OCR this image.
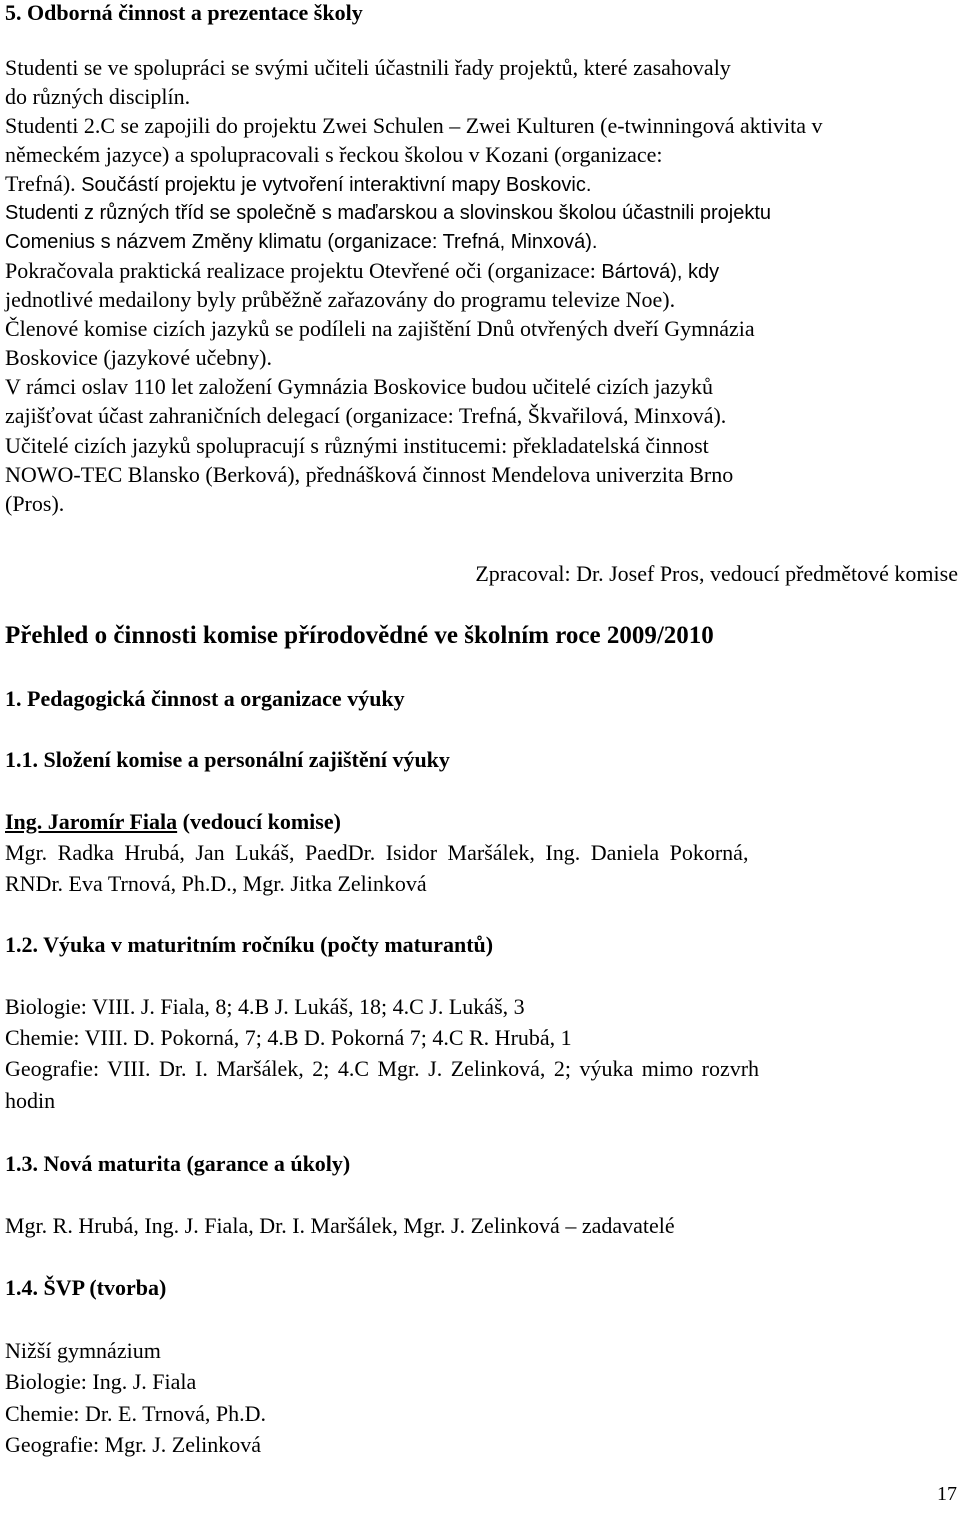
5. Odborná činnost a prezentace školy
Studenti se ve spolupráci se svými učiteli účastnili řady projektů, které zasahovaly
do různých disciplín.
Studenti 2.C se zapojili do projektu Zwei Schulen – Zwei Kulturen (e-twinningová aktivita v
německém jazyce) a spolupracovali s řeckou školou v Kozani (organizace:
Trefná). Součástí projektu je vytvoření interaktivní mapy Boskovic.
Studenti z různých tříd se společně s maďarskou a slovinskou školou účastnili projektu
Comenius s názvem Změny klimatu (organizace: Trefná, Minxová).
Pokračovala praktická realizace projektu Otevřené oči (organizace: Bártová), kdy
jednotlivé medailony byly průběžně zařazovány do programu televize Noe).
Členové komise cizích jazyků se podíleli na zajištění Dnů otvřených dveří Gymnázia
Boskovice (jazykové učebny).
V rámci oslav 110 let založení Gymnázia Boskovice budou učitelé cizích jazyků
zajišťovat účast zahraničních delegací (organizace: Trefná, Škvařilová, Minxová).
Učitelé cizích jazyků spolupracují s různými institucemi: překladatelská činnost
NOWO-TEC Blansko (Berková), přednášková činnost Mendelova univerzita Brno
(Pros).
Zpracoval: Dr. Josef Pros, vedoucí předmětové komise
Přehled o činnosti komise přírodovědné ve školním roce 2009/2010
1. Pedagogická činnost a organizace výuky
1.1. Složení komise a personální zajištění výuky
Ing. Jaromír Fiala (vedoucí komise)
Mgr. Radka Hrubá, Jan Lukáš, PaedDr. Isidor Maršálek, Ing. Daniela Pokorná,
RNDr. Eva Trnová, Ph.D., Mgr. Jitka Zelinková
1.2. Výuka v maturitním ročníku (počty maturantů)
Biologie: VIII. J. Fiala, 8; 4.B J. Lukáš, 18; 4.C J. Lukáš, 3
Chemie: VIII. D. Pokorná, 7; 4.B D. Pokorná 7; 4.C R. Hrubá, 1
Geografie: VIII. Dr. I. Maršálek, 2; 4.C Mgr. J. Zelinková, 2; výuka mimo rozvrh
hodin
1.3. Nová maturita (garance a úkoly)
Mgr. R. Hrubá, Ing. J. Fiala, Dr. I. Maršálek, Mgr. J. Zelinková – zadavatelé
1.4. ŠVP (tvorba)
Nižší gymnázium
Biologie: Ing. J. Fiala
Chemie: Dr. E. Trnová, Ph.D.
Geografie: Mgr. J. Zelinková
17
